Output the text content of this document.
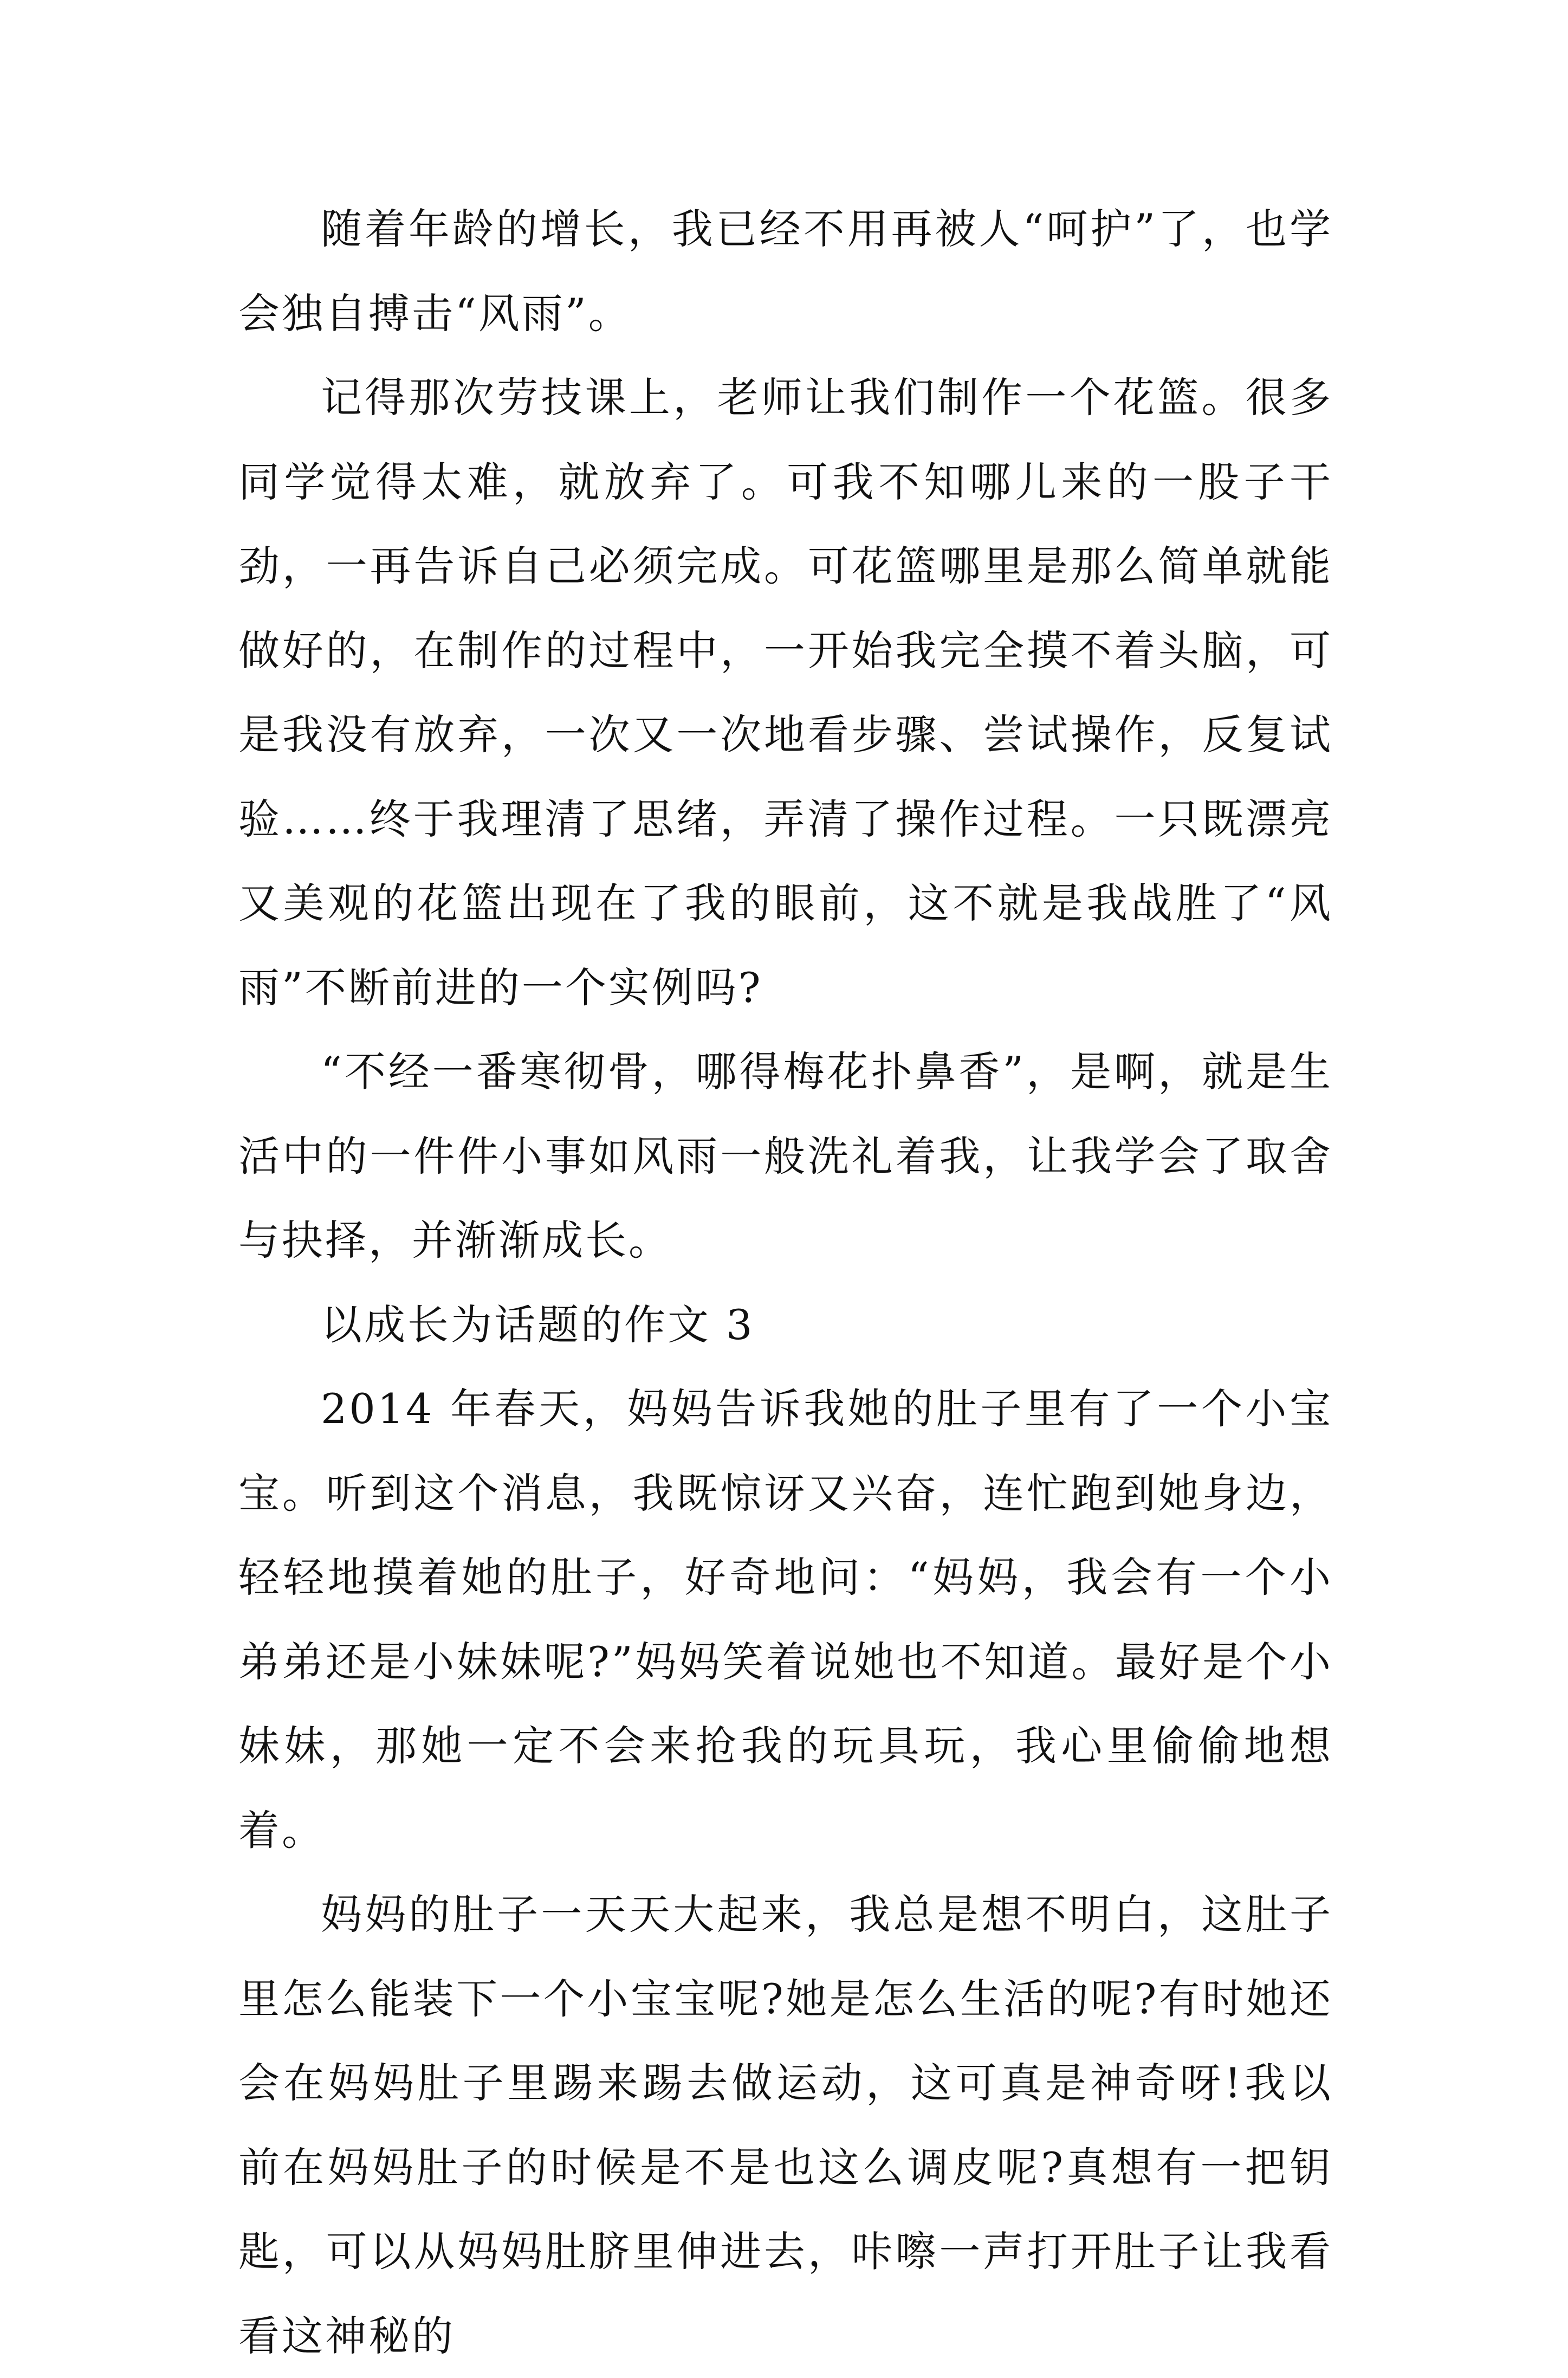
随着年龄的增长，我已经不用再被人“呵护”了，也学会独自搏击“风雨”。

记得那次劳技课上，老师让我们制作一个花篮。很多同学觉得太难，就放弃了。可我不知哪儿来的一股子干劲，一再告诉自己必须完成。可花篮哪里是那么简单就能做好的，在制作的过程中，一开始我完全摸不着头脑，可是我没有放弃，一次又一次地看步骤、尝试操作，反复试验……终于我理清了思绪，弄清了操作过程。一只既漂亮又美观的花篮出现在了我的眼前，这不就是我战胜了“风雨”不断前进的一个实例吗?

“不经一番寒彻骨，哪得梅花扑鼻香”，是啊，就是生活中的一件件小事如风雨一般洗礼着我，让我学会了取舍与抉择，并渐渐成长。

以成长为话题的作文 3

2014 年春天，妈妈告诉我她的肚子里有了一个小宝宝。听到这个消息，我既惊讶又兴奋，连忙跑到她身边，轻轻地摸着她的肚子，好奇地问：“妈妈，我会有一个小弟弟还是小妹妹呢?”妈妈笑着说她也不知道。最好是个小妹妹，那她一定不会来抢我的玩具玩，我心里偷偷地想着。

妈妈的肚子一天天大起来，我总是想不明白，这肚子里怎么能装下一个小宝宝呢?她是怎么生活的呢?有时她还会在妈妈肚子里踢来踢去做运动，这可真是神奇呀!我以前在妈妈肚子的时候是不是也这么调皮呢?真想有一把钥匙，可以从妈妈肚脐里伸进去，咔嚓一声打开肚子让我看看这神秘的
